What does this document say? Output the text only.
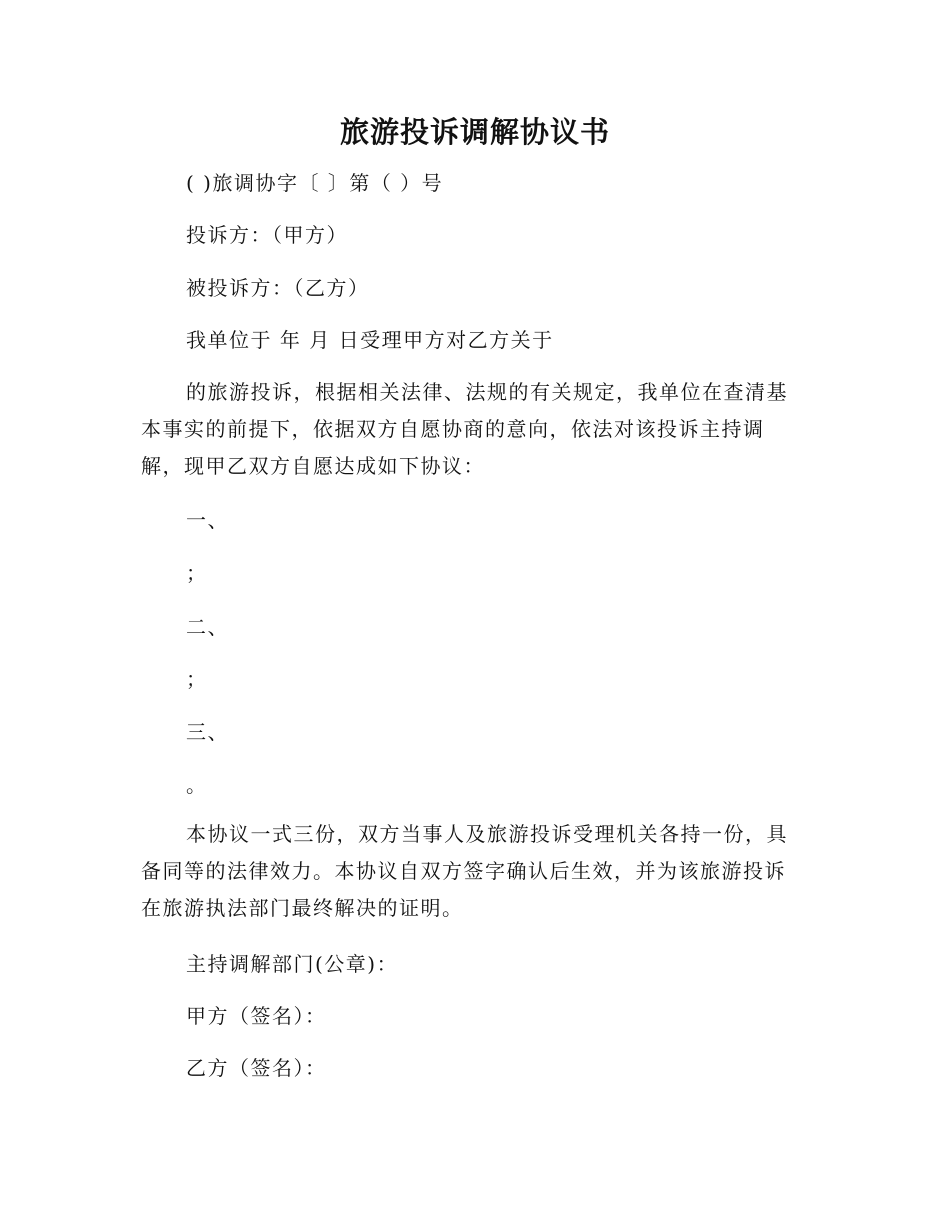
旅游投诉调解协议书
( )旅调协字〔 〕第（ ）号
投诉方：（甲方）
被投诉方：（乙方）
我单位于 年 月 日受理甲方对乙方关于
的旅游投诉，根据相关法律、法规的有关规定，我单位在查清基本事实的前提下，依据双方自愿协商的意向，依法对该投诉主持调解，现甲乙双方自愿达成如下协议：
一、
；
二、
；
三、
。
本协议一式三份，双方当事人及旅游投诉受理机关各持一份，具备同等的法律效力。本协议自双方签字确认后生效，并为该旅游投诉在旅游执法部门最终解决的证明。
主持调解部门(公章)：
甲方（签名）：
乙方（签名）：
